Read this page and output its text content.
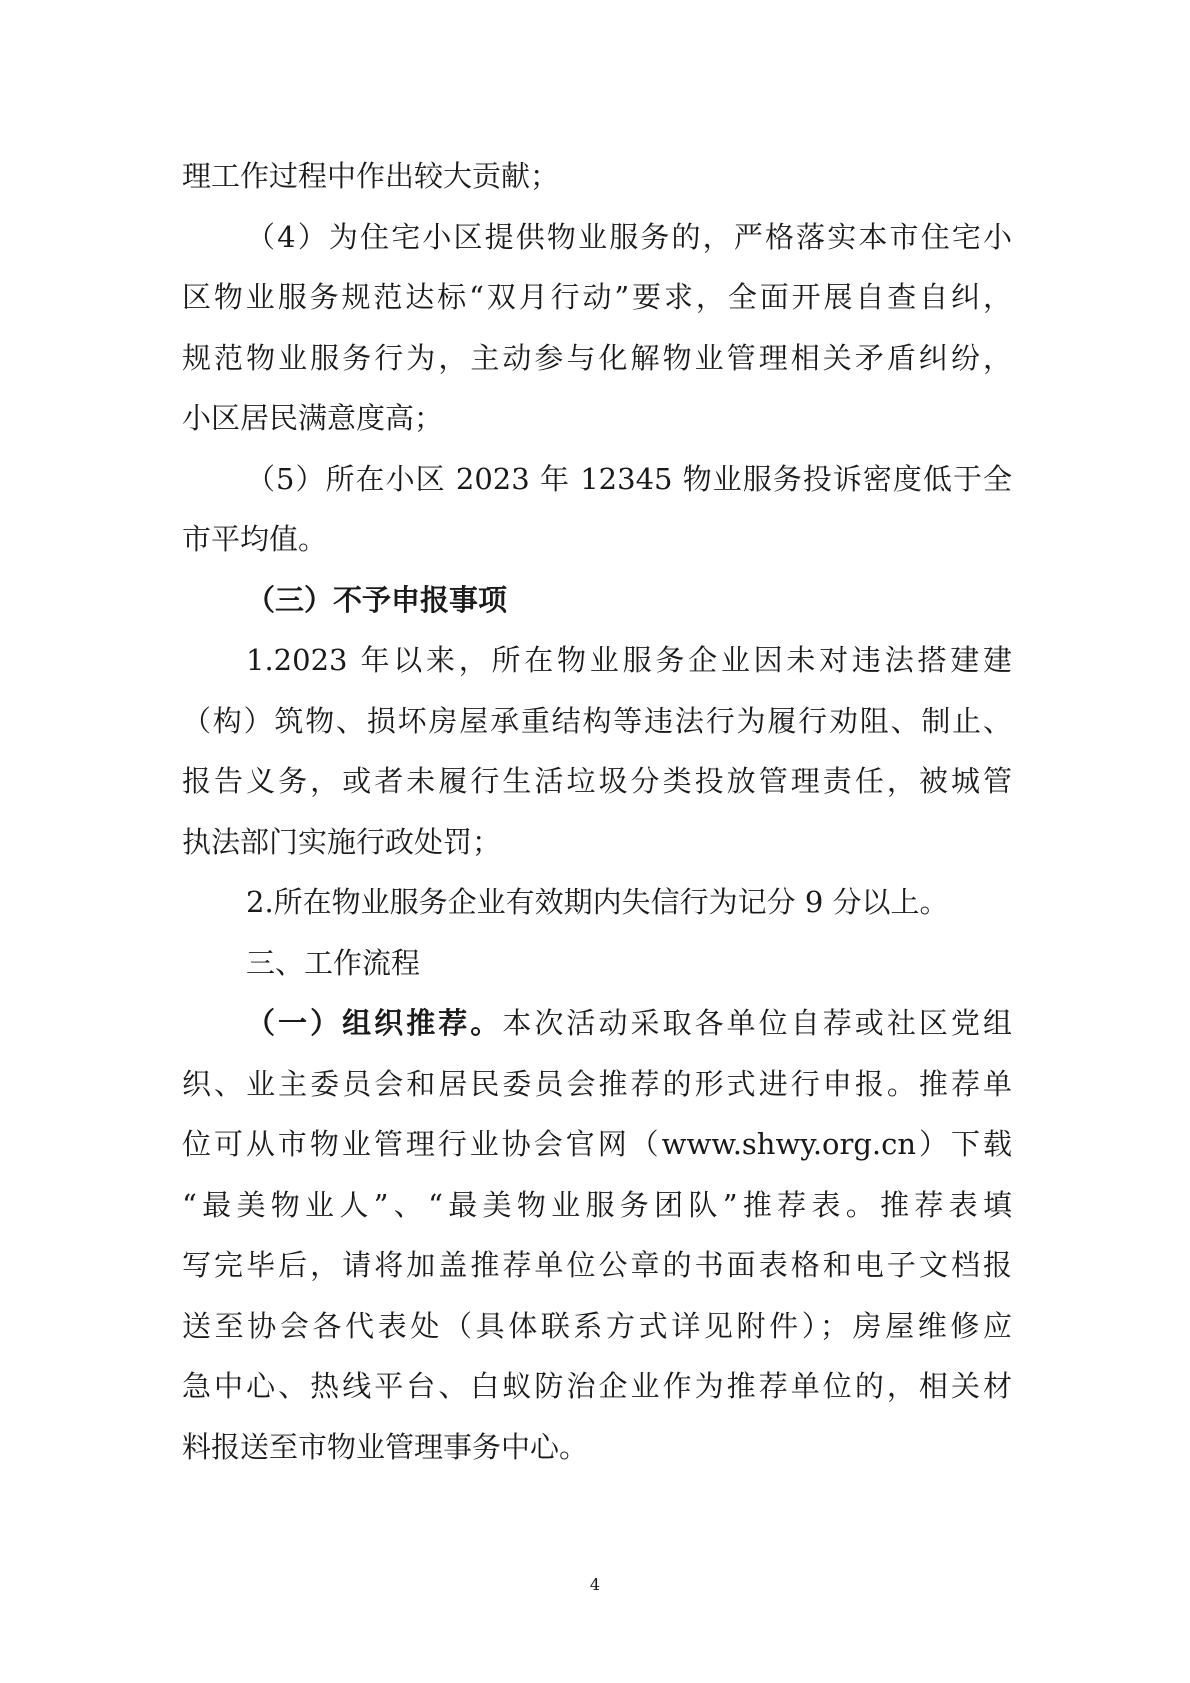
理工作过程中作出较大贡献；
（4）为住宅小区提供物业服务的，严格落实本市住宅小
区物业服务规范达标“双月行动”要求，全面开展自查自纠，
规范物业服务行为，主动参与化解物业管理相关矛盾纠纷，
小区居民满意度高；
（5）所在小区 2023 年 12345 物业服务投诉密度低于全
市平均值。
（三）不予申报事项
1.2023 年以来，所在物业服务企业因未对违法搭建建
（构）筑物、损坏房屋承重结构等违法行为履行劝阻、制止、
报告义务，或者未履行生活垃圾分类投放管理责任，被城管
执法部门实施行政处罚；
2.所在物业服务企业有效期内失信行为记分 9 分以上。
三、工作流程
（一）组织推荐。本次活动采取各单位自荐或社区党组
织、业主委员会和居民委员会推荐的形式进行申报。推荐单
位可从市物业管理行业协会官网（www.shwy.org.cn）下载
“最美物业人”、“最美物业服务团队”推荐表。推荐表填
写完毕后，请将加盖推荐单位公章的书面表格和电子文档报
送至协会各代表处（具体联系方式详见附件）；房屋维修应
急中心、热线平台、白蚁防治企业作为推荐单位的，相关材
料报送至市物业管理事务中心。
4
